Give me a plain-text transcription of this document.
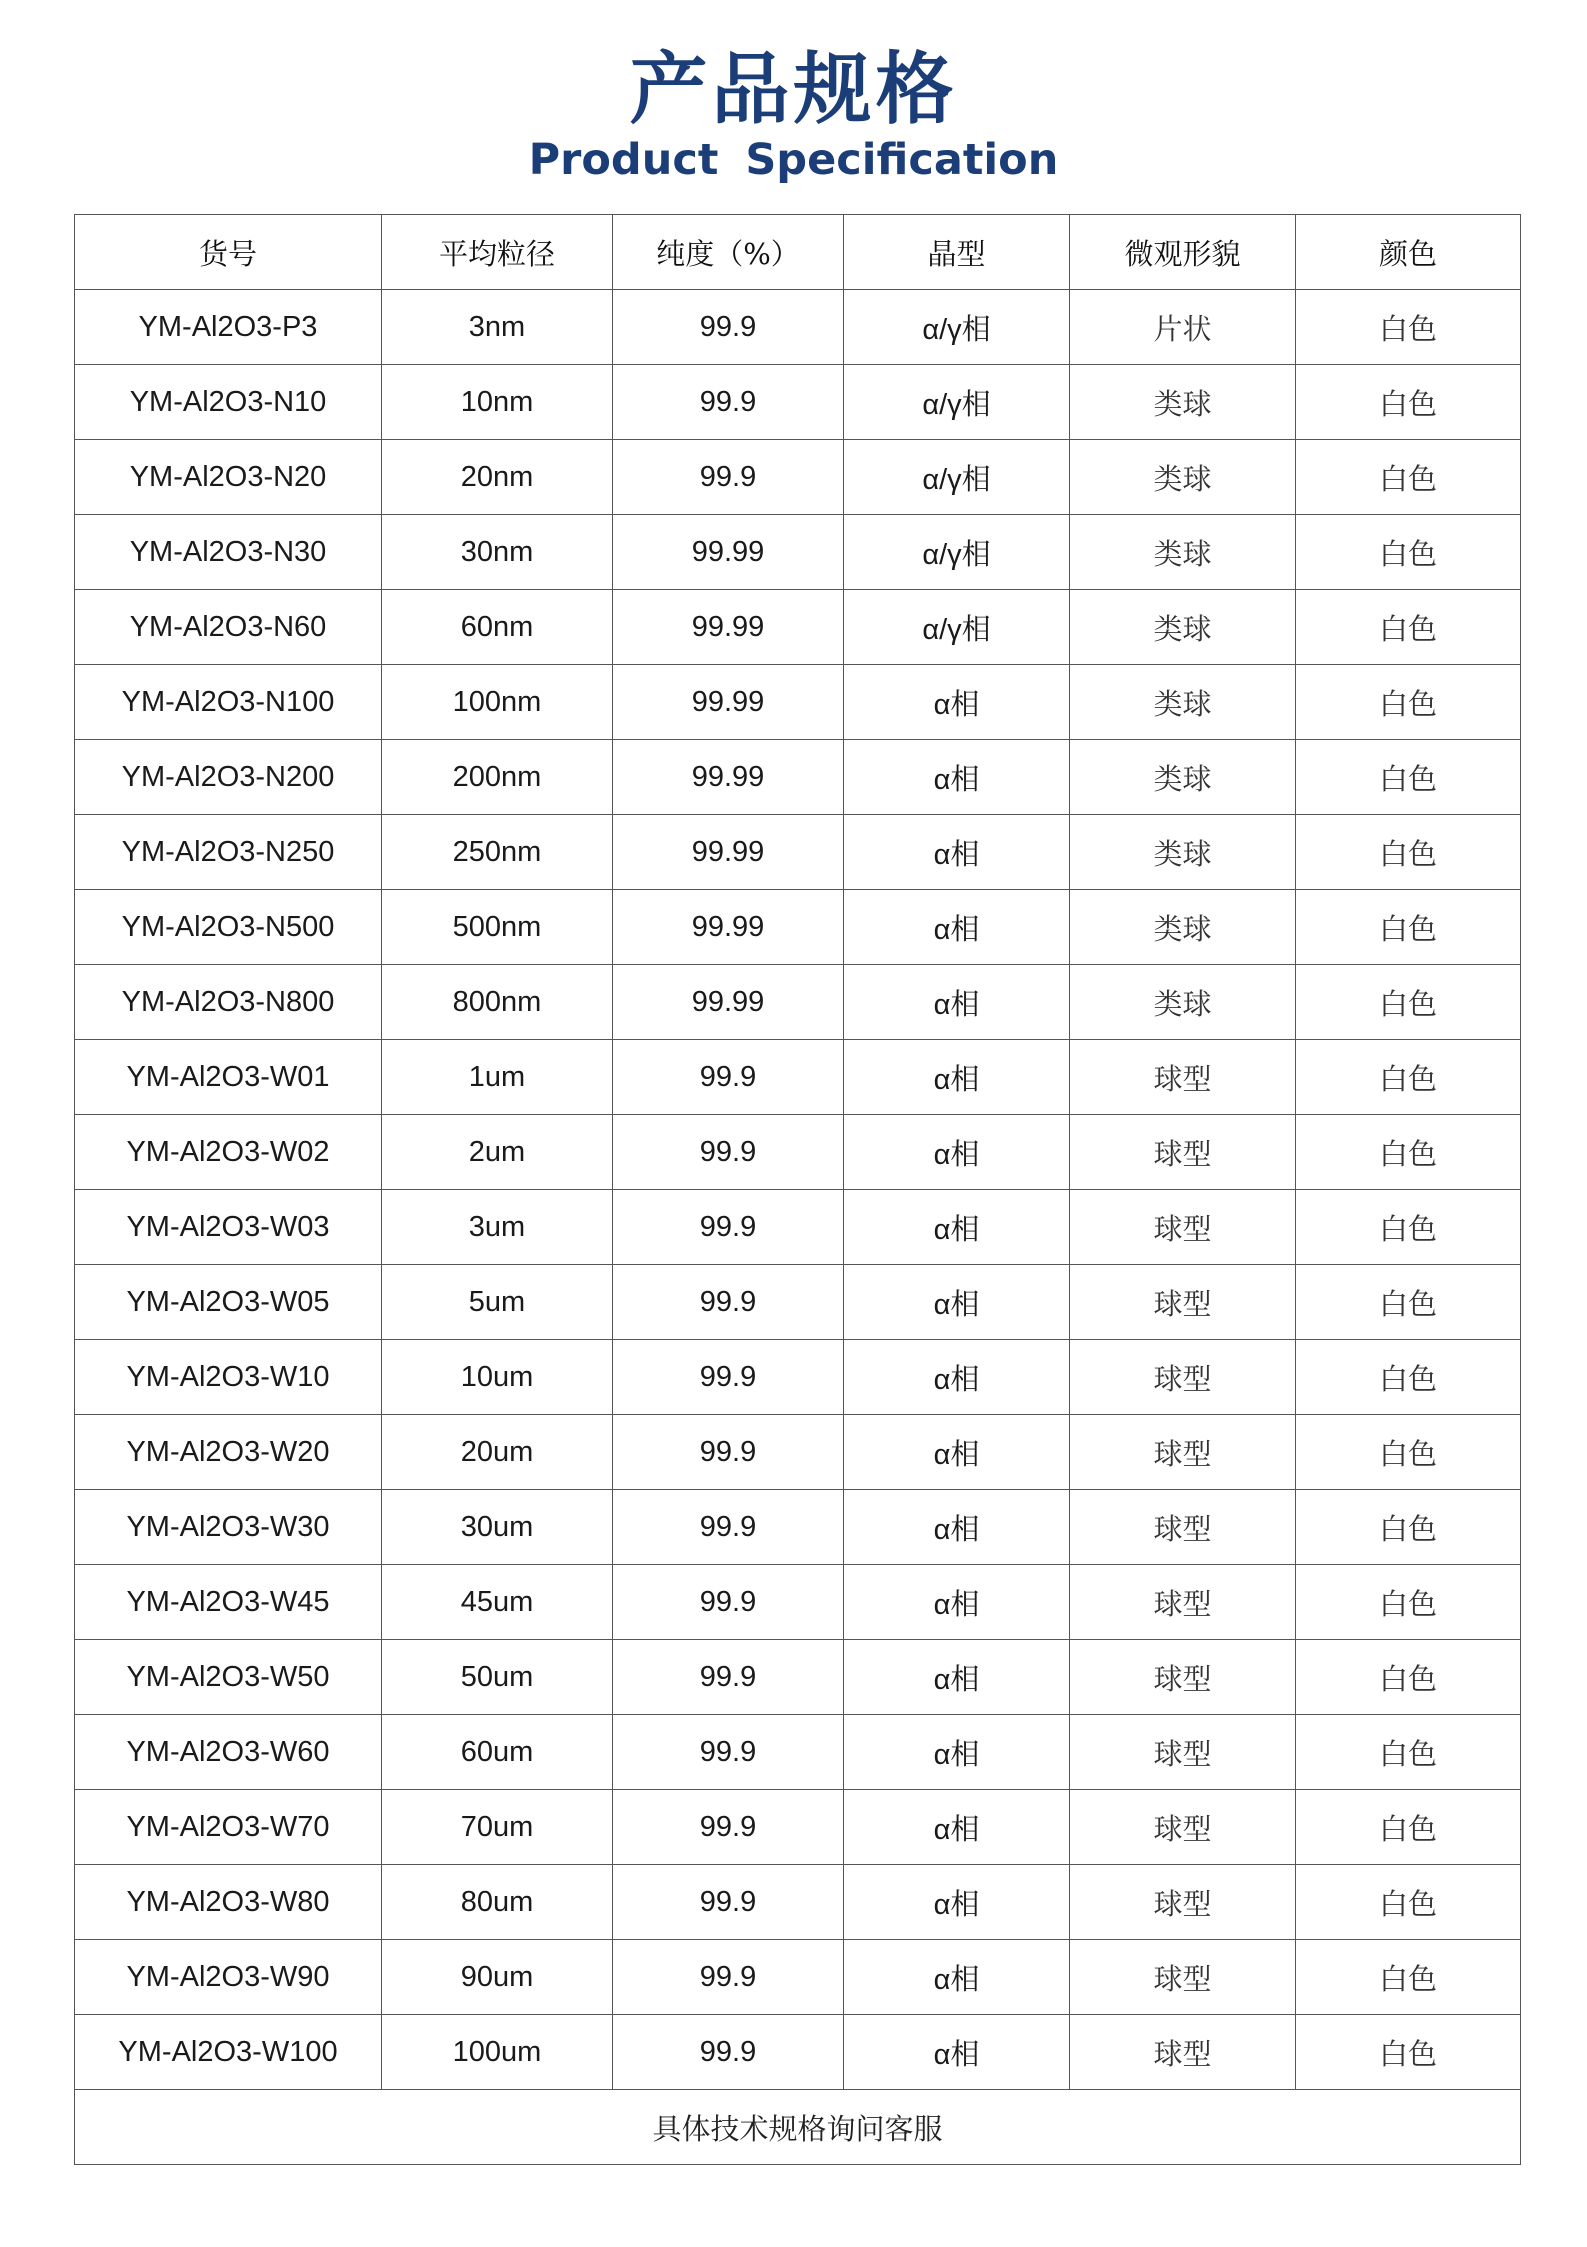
产品规格
Product Specification
货号	平均粒径	纯度（%）	晶型	微观形貌	颜色
YM-Al2O3-P3	3nm	99.9	α/γ相	片状	白色
YM-Al2O3-N10	10nm	99.9	α/γ相	类球	白色
YM-Al2O3-N20	20nm	99.9	α/γ相	类球	白色
YM-Al2O3-N30	30nm	99.99	α/γ相	类球	白色
YM-Al2O3-N60	60nm	99.99	α/γ相	类球	白色
YM-Al2O3-N100	100nm	99.99	α相	类球	白色
YM-Al2O3-N200	200nm	99.99	α相	类球	白色
YM-Al2O3-N250	250nm	99.99	α相	类球	白色
YM-Al2O3-N500	500nm	99.99	α相	类球	白色
YM-Al2O3-N800	800nm	99.99	α相	类球	白色
YM-Al2O3-W01	1um	99.9	α相	球型	白色
YM-Al2O3-W02	2um	99.9	α相	球型	白色
YM-Al2O3-W03	3um	99.9	α相	球型	白色
YM-Al2O3-W05	5um	99.9	α相	球型	白色
YM-Al2O3-W10	10um	99.9	α相	球型	白色
YM-Al2O3-W20	20um	99.9	α相	球型	白色
YM-Al2O3-W30	30um	99.9	α相	球型	白色
YM-Al2O3-W45	45um	99.9	α相	球型	白色
YM-Al2O3-W50	50um	99.9	α相	球型	白色
YM-Al2O3-W60	60um	99.9	α相	球型	白色
YM-Al2O3-W70	70um	99.9	α相	球型	白色
YM-Al2O3-W80	80um	99.9	α相	球型	白色
YM-Al2O3-W90	90um	99.9	α相	球型	白色
YM-Al2O3-W100	100um	99.9	α相	球型	白色
具体技术规格询问客服					
